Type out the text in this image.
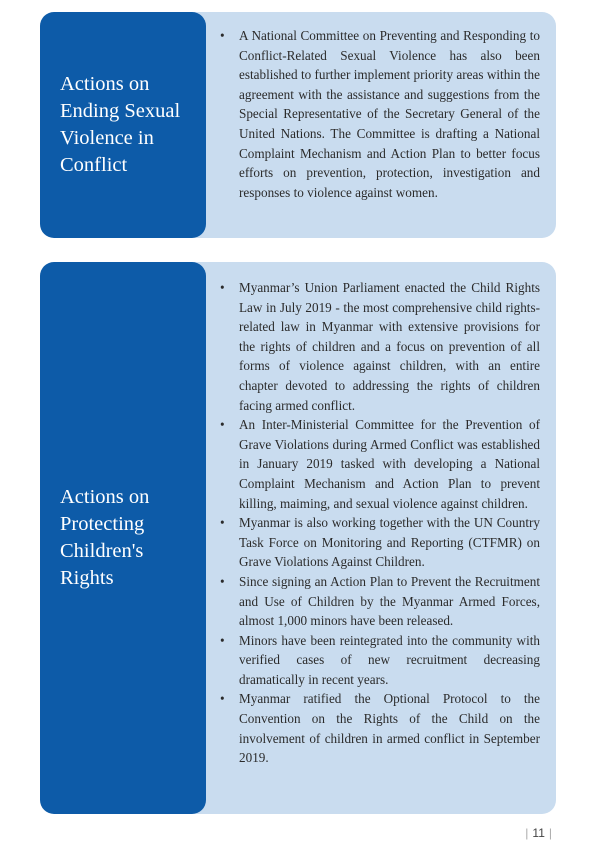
Actions on
Ending Sexual
Violence in
Conflict
• A National Committee on Preventing and Responding to Conflict-Related Sexual Violence has also been established to further implement priority areas within the agreement with the assistance and suggestions from the Special Representative of the Secretary General of the United Nations. The Committee is drafting a National Complaint Mechanism and Action Plan to better focus efforts on prevention, protection, investigation and responses to violence against women.
Actions on
Protecting
Children's
Rights
• Myanmar’s Union Parliament enacted the Child Rights Law in July 2019 - the most comprehensive child rights-related law in Myanmar with extensive provisions for the rights of children and a focus on prevention of all forms of violence against children, with an entire chapter devoted to addressing the rights of children facing armed conflict.
• An Inter-Ministerial Committee for the Prevention of Grave Violations during Armed Conflict was established in January 2019 tasked with developing a National Complaint Mechanism and Action Plan to prevent killing, maiming, and sexual violence against children.
• Myanmar is also working together with the UN Country Task Force on Monitoring and Reporting (CTFMR) on Grave Violations Against Children.
• Since signing an Action Plan to Prevent the Recruitment and Use of Children by the Myanmar Armed Forces, almost 1,000 minors have been released.
• Minors have been reintegrated into the community with verified cases of new recruitment decreasing dramatically in recent years.
• Myanmar ratified the Optional Protocol to the Convention on the Rights of the Child on the involvement of children in armed conflict in September 2019.
| 11 |
